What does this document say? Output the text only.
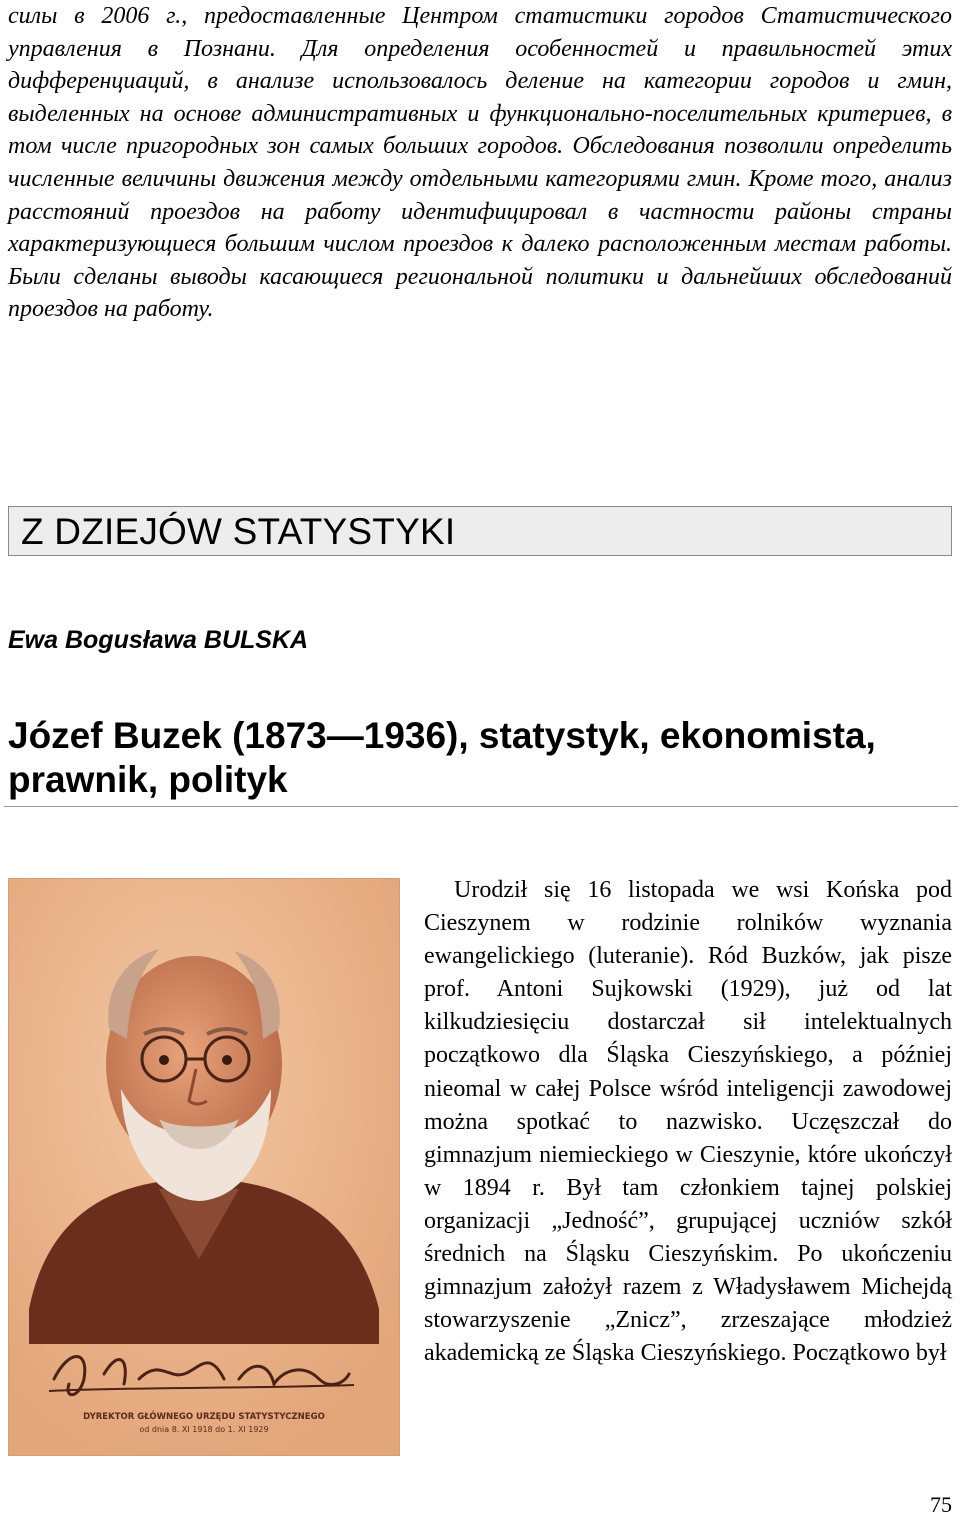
силы в 2006 г., предоставленные Центром статистики городов Статистического управления в Познани. Для определения особенностей и правильностей этих дифференциаций, в анализе использовалось деление на категории городов и гмин, выделенных на основе административных и функционально-поселительных критериев, в том числе пригородных зон самых больших городов. Обследования позволили определить численные величины движения между отдельными категориями гмин. Кроме того, анализ расстояний проездов на работу идентифицировал в частности районы страны характеризующиеся большим числом проездов к далеко расположенным местам работы. Были сделаны выводы касающиеся региональной политики и дальнейших обследований проездов на работу.

Z DZIEJÓW STATYSTYKI
Ewa Bogusława BULSKA
Józef Buzek (1873—1936), statystyk, ekonomista, prawnik, polityk
DYREKTOR GŁÓWNEGO URZĘDU STATYSTYCZNEGO
od dnia 8. XI 1918 do 1. XI 1929

Urodził się 16 listopada we wsi Końska pod Cieszynem w rodzinie rolników wyznania ewangelickiego (luteranie). Ród Buzków, jak pisze prof. Antoni Sujkowski (1929), już od lat kilkudziesięciu dostarczał sił intelektualnych początkowo dla Śląska Cieszyńskiego, a później nieomal w całej Polsce wśród inteligencji zawodowej można spotkać to nazwisko. Uczęszczał do gimnazjum niemieckiego w Cieszynie, które ukończył w 1894 r. Był tam członkiem tajnej polskiej organizacji „Jedność”, grupującej uczniów szkół średnich na Śląsku Cieszyńskim. Po ukończeniu gimnazjum założył razem z Władysławem Michejdą stowarzyszenie „Znicz”, zrzeszające młodzież akademicką ze Śląska Cieszyńskiego. Początkowo był

75
